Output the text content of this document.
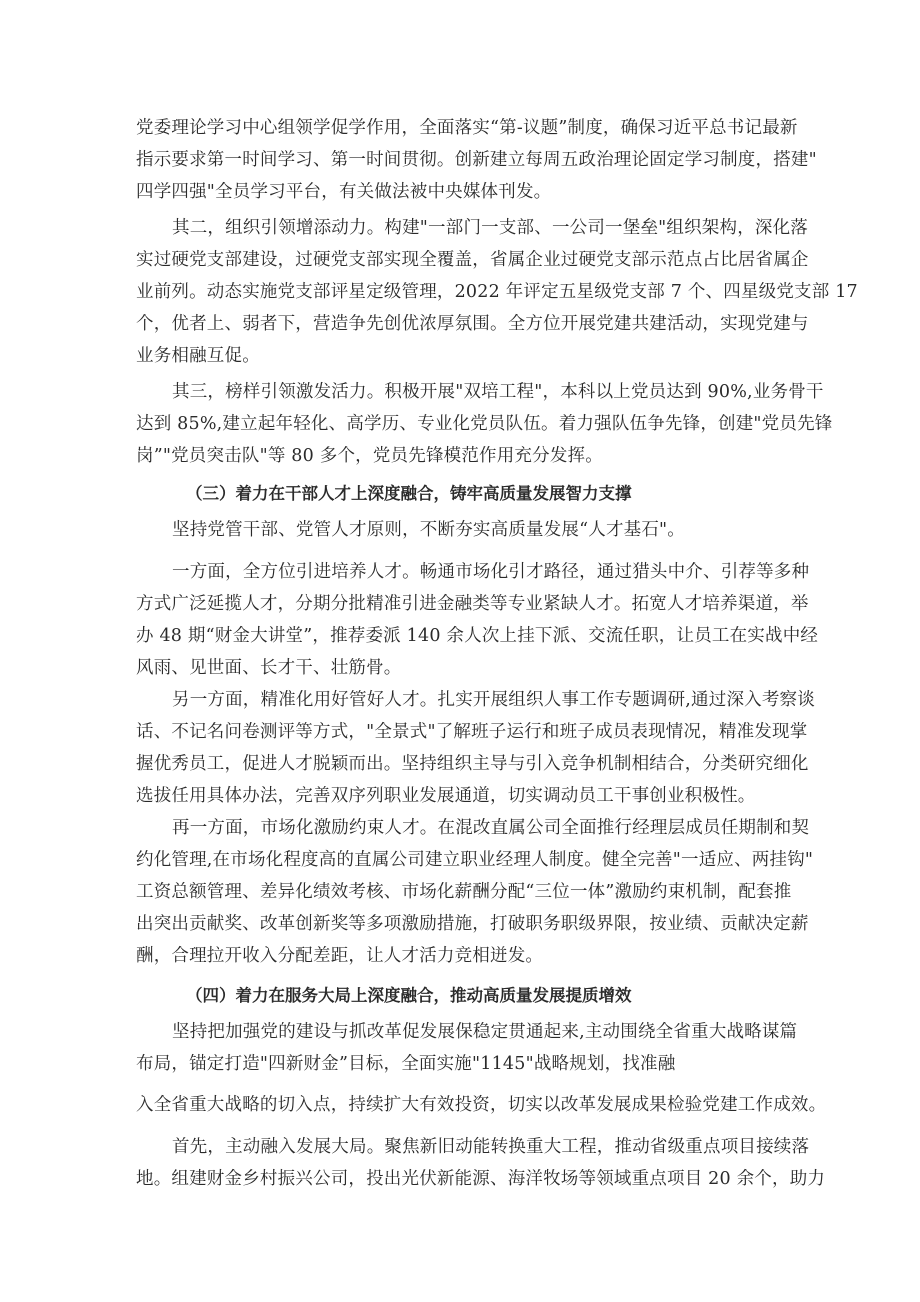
党委理论学习中心组领学促学作用，全面落实“第-议题”制度，确保习近平总书记最新
指示要求第一时间学习、第一时间贯彻。创新建立每周五政治理论固定学习制度，搭建"
四学四强"全员学习平台，有关做法被中央媒体刊发。
其二，组织引领增添动力。构建"一部门一支部、一公司一堡垒"组织架构，深化落
实过硬党支部建设，过硬党支部实现全覆盖，省属企业过硬党支部示范点占比居省属企
业前列。动态实施党支部评星定级管理，2022 年评定五星级党支部 7 个、四星级党支部 17
个，优者上、弱者下，营造争先创优浓厚氛围。全方位开展党建共建活动，实现党建与
业务相融互促。
其三，榜样引领激发活力。积极开展"双培工程"，本科以上党员达到 90%,业务骨干
达到 85%,建立起年轻化、高学历、专业化党员队伍。着力强队伍争先锋，创建"党员先锋
岗”"党员突击队"等 80 多个，党员先锋模范作用充分发挥。
（三）着力在干部人才上深度融合，铸牢高质量发展智力支撑
坚持党管干部、党管人才原则，不断夯实高质量发展“人才基石"。
一方面，全方位引进培养人才。畅通市场化引才路径，通过猎头中介、引荐等多种
方式广泛延揽人才，分期分批精准引进金融类等专业紧缺人才。拓宽人才培养渠道，举
办 48 期“财金大讲堂”，推荐委派 140 余人次上挂下派、交流任职，让员工在实战中经
风雨、见世面、长才干、壮筋骨。
另一方面，精准化用好管好人才。扎实开展组织人事工作专题调研,通过深入考察谈
话、不记名问卷测评等方式，"全景式"了解班子运行和班子成员表现情况，精准发现掌
握优秀员工，促进人才脱颖而出。坚持组织主导与引入竞争机制相结合，分类研究细化
选拔任用具体办法，完善双序列职业发展通道，切实调动员工干事创业积极性。
再一方面，市场化激励约束人才。在混改直属公司全面推行经理层成员任期制和契
约化管理,在市场化程度高的直属公司建立职业经理人制度。健全完善"一适应、两挂钩"
工资总额管理、差异化绩效考核、市场化薪酬分配“三位一体”激励约束机制，配套推
出突出贡献奖、改革创新奖等多项激励措施，打破职务职级界限，按业绩、贡献决定薪
酬，合理拉开收入分配差距，让人才活力竞相迸发。
（四）着力在服务大局上深度融合，推动高质量发展提质增效
坚持把加强党的建设与抓改革促发展保稳定贯通起来,主动围绕全省重大战略谋篇
布局，锚定打造"四新财金”目标，全面实施"1145"战略规划，找准融
入全省重大战略的切入点，持续扩大有效投资，切实以改革发展成果检验党建工作成效。
首先，主动融入发展大局。聚焦新旧动能转换重大工程，推动省级重点项目接续落
地。组建财金乡村振兴公司，投出光伏新能源、海洋牧场等领域重点项目 20 余个，助力
